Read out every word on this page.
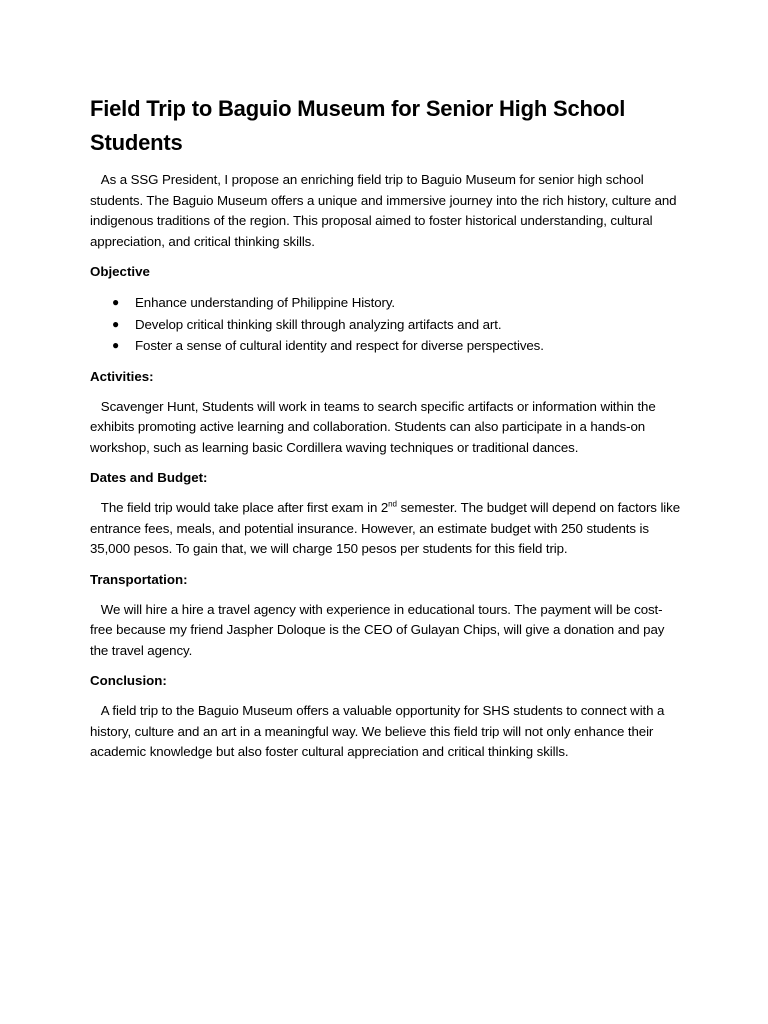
Field Trip to Baguio Museum for Senior High School Students

As a SSG President, I propose an enriching field trip to Baguio Museum for senior high school students. The Baguio Museum offers a unique and immersive journey into the rich history, culture and indigenous traditions of the region. This proposal aimed to foster historical understanding, cultural appreciation, and critical thinking skills.

Objective
● Enhance understanding of Philippine History.
● Develop critical thinking skill through analyzing artifacts and art.
● Foster a sense of cultural identity and respect for diverse perspectives.
Activities:

Scavenger Hunt, Students will work in teams to search specific artifacts or information within the exhibits promoting active learning and collaboration. Students can also participate in a hands-on workshop, such as learning basic Cordillera waving techniques or traditional dances.

Dates and Budget:

The field trip would take place after first exam in 2nd semester. The budget will depend on factors like entrance fees, meals, and potential insurance. However, an estimate budget with 250 students is 35,000 pesos. To gain that, we will charge 150 pesos per students for this field trip.

Transportation:

We will hire a hire a travel agency with experience in educational tours. The payment will be cost-free because my friend Jaspher Doloque is the CEO of Gulayan Chips, will give a donation and pay the travel agency.

Conclusion:

A field trip to the Baguio Museum offers a valuable opportunity for SHS students to connect with a history, culture and an art in a meaningful way. We believe this field trip will not only enhance their academic knowledge but also foster cultural appreciation and critical thinking skills.
